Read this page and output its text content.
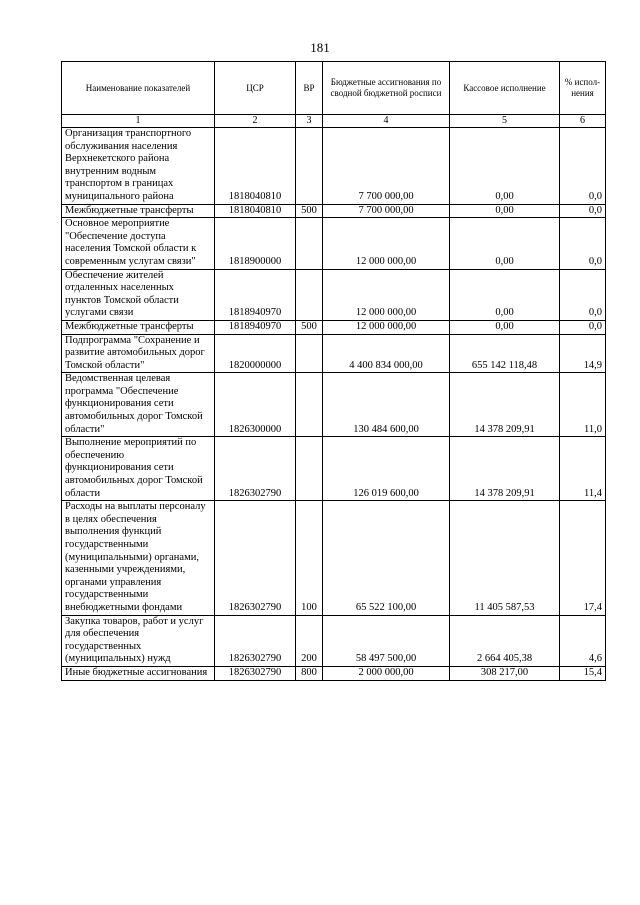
181
Наименование показателей	ЦСР	ВР	Бюджетные ассигнования по сводной бюджетной росписи	Кассовое исполнение	% испол-нения
1	2	3	4	5	6
Организация транспортного обслуживания населения Верхнекетского района внутренним водным транспортом в границах муниципального района	1818040810		7 700 000,00	0,00	0,0
Межбюджетные трансферты	1818040810	500	7 700 000,00	0,00	0,0
Основное мероприятие "Обеспечение доступа населения Томской области к современным услугам связи"	1818900000		12 000 000,00	0,00	0,0
Обеспечение жителей отдаленных населенных пунктов Томской области услугами связи	1818940970		12 000 000,00	0,00	0,0
Межбюджетные трансферты	1818940970	500	12 000 000,00	0,00	0,0
Подпрограмма "Сохранение и развитие автомобильных дорог Томской области"	1820000000		4 400 834 000,00	655 142 118,48	14,9
Ведомственная целевая программа "Обеспечение функционирования сети автомобильных дорог Томской области"	1826300000		130 484 600,00	14 378 209,91	11,0
Выполнение мероприятий по обеспечению функционирования сети автомобильных дорог Томской области	1826302790		126 019 600,00	14 378 209,91	11,4
Расходы на выплаты персоналу в целях обеспечения выполнения функций государственными (муниципальными) органами, казенными учреждениями, органами управления государственными внебюджетными фондами	1826302790	100	65 522 100,00	11 405 587,53	17,4
Закупка товаров, работ и услуг для обеспечения государственных (муниципальных) нужд	1826302790	200	58 497 500,00	2 664 405,38	4,6
Иные бюджетные ассигнования	1826302790	800	2 000 000,00	308 217,00	15,4
